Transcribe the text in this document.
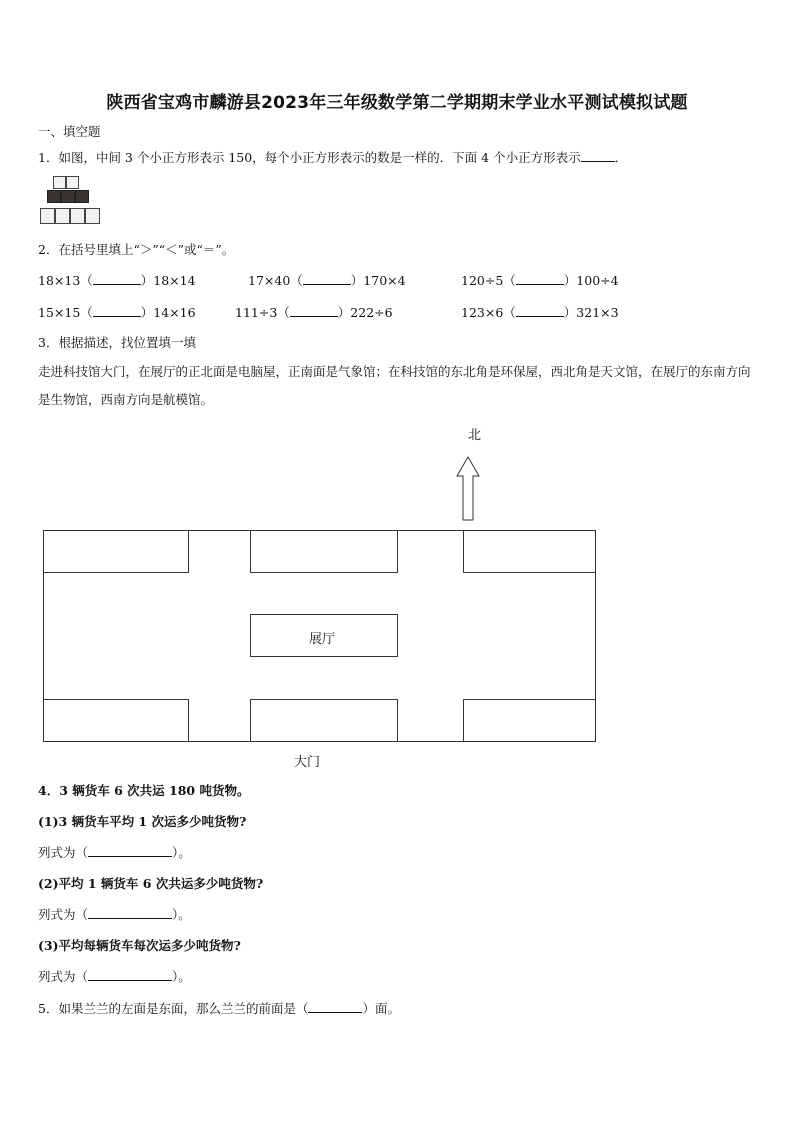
陕西省宝鸡市麟游县2023年三年级数学第二学期期末学业水平测试模拟试题
一、填空题
1．如图，中间 3 个小正方形表示 150，每个小正方形表示的数是一样的．下面 4 个小正方形表示	．
2．在括号里填上“＞”“＜”或“＝”。
18×13（	）18×14	17×40（	）170×4	120÷5（	）100÷4
15×15（	）14×16	111÷3（	）222÷6	123×6（	）321×3
3．根据描述，找位置填一填
走进科技馆大门，在展厅的正北面是电脑屋，正南面是气象馆；在科技馆的东北角是环保屋，西北角是天文馆，在展厅的东南方向是生物馆，西南方向是航模馆。
北
展厅
大门
4．3 辆货车 6 次共运 180 吨货物。
(1)3 辆货车平均 1 次运多少吨货物?
列式为（	）。
(2)平均 1 辆货车 6 次共运多少吨货物?
列式为（	）。
(3)平均每辆货车每次运多少吨货物?
列式为（	）。
5．如果兰兰的左面是东面，那么兰兰的前面是（	）面。
